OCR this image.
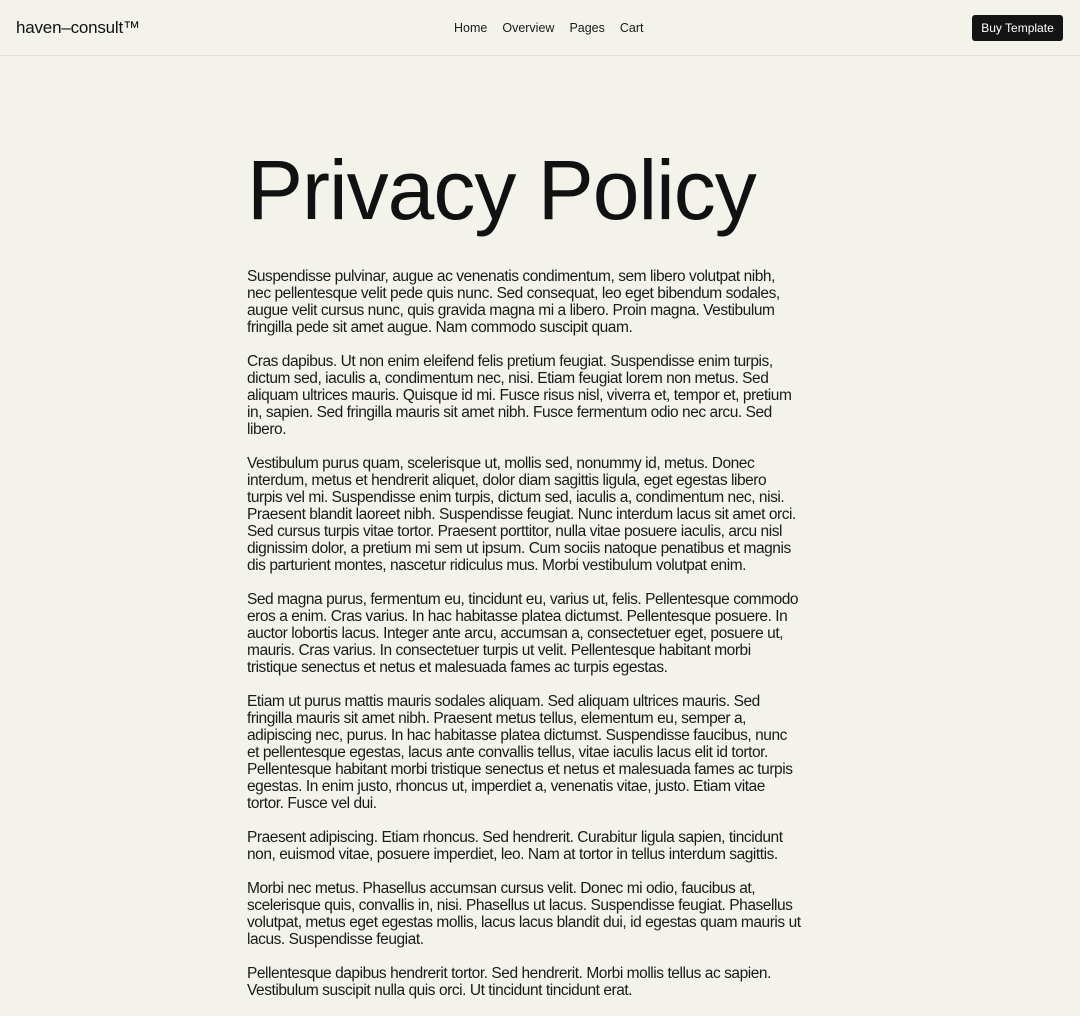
haven–consult™	Home Overview Pages Cart	Buy Template
Privacy Policy

Suspendisse pulvinar, augue ac venenatis condimentum, sem libero volutpat nibh, nec pellentesque velit pede quis nunc. Sed consequat, leo eget bibendum sodales, augue velit cursus nunc, quis gravida magna mi a libero. Proin magna. Vestibulum fringilla pede sit amet augue. Nam commodo suscipit quam.

Cras dapibus. Ut non enim eleifend felis pretium feugiat. Suspendisse enim turpis, dictum sed, iaculis a, condimentum nec, nisi. Etiam feugiat lorem non metus. Sed aliquam ultrices mauris. Quisque id mi. Fusce risus nisl, viverra et, tempor et, pretium in, sapien. Sed fringilla mauris sit amet nibh. Fusce fermentum odio nec arcu. Sed libero.

Vestibulum purus quam, scelerisque ut, mollis sed, nonummy id, metus. Donec interdum, metus et hendrerit aliquet, dolor diam sagittis ligula, eget egestas libero turpis vel mi. Suspendisse enim turpis, dictum sed, iaculis a, condimentum nec, nisi. Praesent blandit laoreet nibh. Suspendisse feugiat. Nunc interdum lacus sit amet orci. Sed cursus turpis vitae tortor. Praesent porttitor, nulla vitae posuere iaculis, arcu nisl dignissim dolor, a pretium mi sem ut ipsum. Cum sociis natoque penatibus et magnis dis parturient montes, nascetur ridiculus mus. Morbi vestibulum volutpat enim.

Sed magna purus, fermentum eu, tincidunt eu, varius ut, felis. Pellentesque commodo eros a enim. Cras varius. In hac habitasse platea dictumst. Pellentesque posuere. In auctor lobortis lacus. Integer ante arcu, accumsan a, consectetuer eget, posuere ut, mauris. Cras varius. In consectetuer turpis ut velit. Pellentesque habitant morbi tristique senectus et netus et malesuada fames ac turpis egestas.

Etiam ut purus mattis mauris sodales aliquam. Sed aliquam ultrices mauris. Sed fringilla mauris sit amet nibh. Praesent metus tellus, elementum eu, semper a, adipiscing nec, purus. In hac habitasse platea dictumst. Suspendisse faucibus, nunc et pellentesque egestas, lacus ante convallis tellus, vitae iaculis lacus elit id tortor. Pellentesque habitant morbi tristique senectus et netus et malesuada fames ac turpis egestas. In enim justo, rhoncus ut, imperdiet a, venenatis vitae, justo. Etiam vitae tortor. Fusce vel dui.

Praesent adipiscing. Etiam rhoncus. Sed hendrerit. Curabitur ligula sapien, tincidunt non, euismod vitae, posuere imperdiet, leo. Nam at tortor in tellus interdum sagittis.

Morbi nec metus. Phasellus accumsan cursus velit. Donec mi odio, faucibus at, scelerisque quis, convallis in, nisi. Phasellus ut lacus. Suspendisse feugiat. Phasellus volutpat, metus eget egestas mollis, lacus lacus blandit dui, id egestas quam mauris ut lacus. Suspendisse feugiat.

Pellentesque dapibus hendrerit tortor. Sed hendrerit. Morbi mollis tellus ac sapien. Vestibulum suscipit nulla quis orci. Ut tincidunt tincidunt erat.
